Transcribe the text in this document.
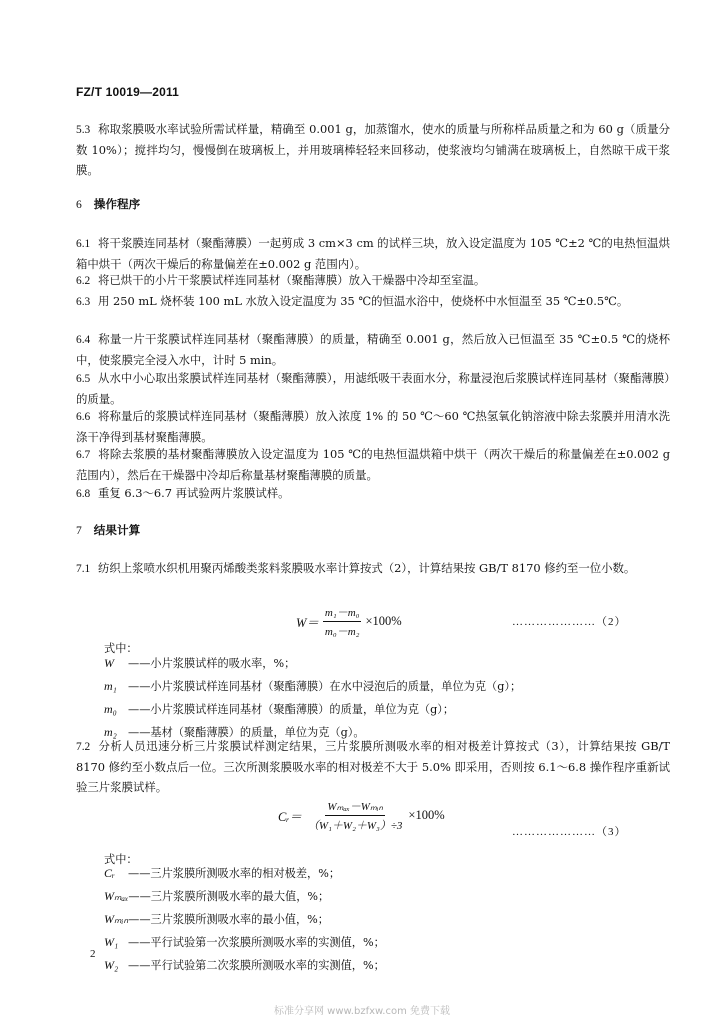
FZ/T 10019—2011
5.3 称取浆膜吸水率试验所需试样量，精确至 0.001 g，加蒸馏水，使水的质量与所称样品质量之和为 60 g（质量分数 10%）；搅拌均匀，慢慢倒在玻璃板上，并用玻璃棒轻轻来回移动，使浆液均匀铺满在玻璃板上，自然晾干成干浆膜。
6 操作程序
6.1 将干浆膜连同基材（聚酯薄膜）一起剪成 3 cm×3 cm 的试样三块，放入设定温度为 105 ℃±2 ℃的电热恒温烘箱中烘干（两次干燥后的称量偏差在±0.002 g 范围内）。
6.2 将已烘干的小片干浆膜试样连同基材（聚酯薄膜）放入干燥器中冷却至室温。
6.3 用 250 mL 烧杯装 100 mL 水放入设定温度为 35 ℃的恒温水浴中，使烧杯中水恒温至 35 ℃±0.5℃。
6.4 称量一片干浆膜试样连同基材（聚酯薄膜）的质量，精确至 0.001 g，然后放入已恒温至 35 ℃±0.5 ℃的烧杯中，使浆膜完全浸入水中，计时 5 min。
6.5 从水中小心取出浆膜试样连同基材（聚酯薄膜），用滤纸吸干表面水分，称量浸泡后浆膜试样连同基材（聚酯薄膜）的质量。
6.6 将称量后的浆膜试样连同基材（聚酯薄膜）放入浓度 1% 的 50 ℃～60 ℃热氢氧化钠溶液中除去浆膜并用清水洗涤干净得到基材聚酯薄膜。
6.7 将除去浆膜的基材聚酯薄膜放入设定温度为 105 ℃的电热恒温烘箱中烘干（两次干燥后的称量偏差在±0.002 g 范围内），然后在干燥器中冷却后称量基材聚酯薄膜的质量。
6.8 重复 6.3～6.7 再试验两片浆膜试样。
7 结果计算
7.1 纺织上浆喷水织机用聚丙烯酸类浆料浆膜吸水率计算按式（2），计算结果按 GB/T 8170 修约至一位小数。
$W= \frac{\text{m₁－m₀}}{\text{m₀－m₂}} \times 100\%$	…………………（2）
式中：
W ——小片浆膜试样的吸水率，%；
m₁ ——小片浆膜试样连同基材（聚酯薄膜）在水中浸泡后的质量，单位为克（g）；
m₀ ——小片浆膜试样连同基材（聚酯薄膜）的质量，单位为克（g）；
m₂ ——基材（聚酯薄膜）的质量，单位为克（g）。
7.2 分析人员迅速分析三片浆膜试样测定结果，三片浆膜所测吸水率的相对极差计算按式（3），计算结果按 GB/T 8170 修约至小数点后一位。三次所测浆膜吸水率的相对极差不大于 5.0% 即采用，否则按 6.1～6.8 操作程序重新试验三片浆膜试样。
Cᵣ＝ $\frac{\text{Wₘₐₓ－Wₘᵢₙ}}{\text{（W₁＋W₂＋W₃）÷3}} \times 100\%$
…………………（3）
式中：
Cᵣ ——三片浆膜所测吸水率的相对极差，%；
Wₘₐₓ——三片浆膜所测吸水率的最大值，%；
Wₘᵢₙ——三片浆膜所测吸水率的最小值，%；
W₁ ——平行试验第一次浆膜所测吸水率的实测值，%；
W₂ ——平行试验第二次浆膜所测吸水率的实测值，%；
2
标准分享网 www.bzfxw.com 免费下载
